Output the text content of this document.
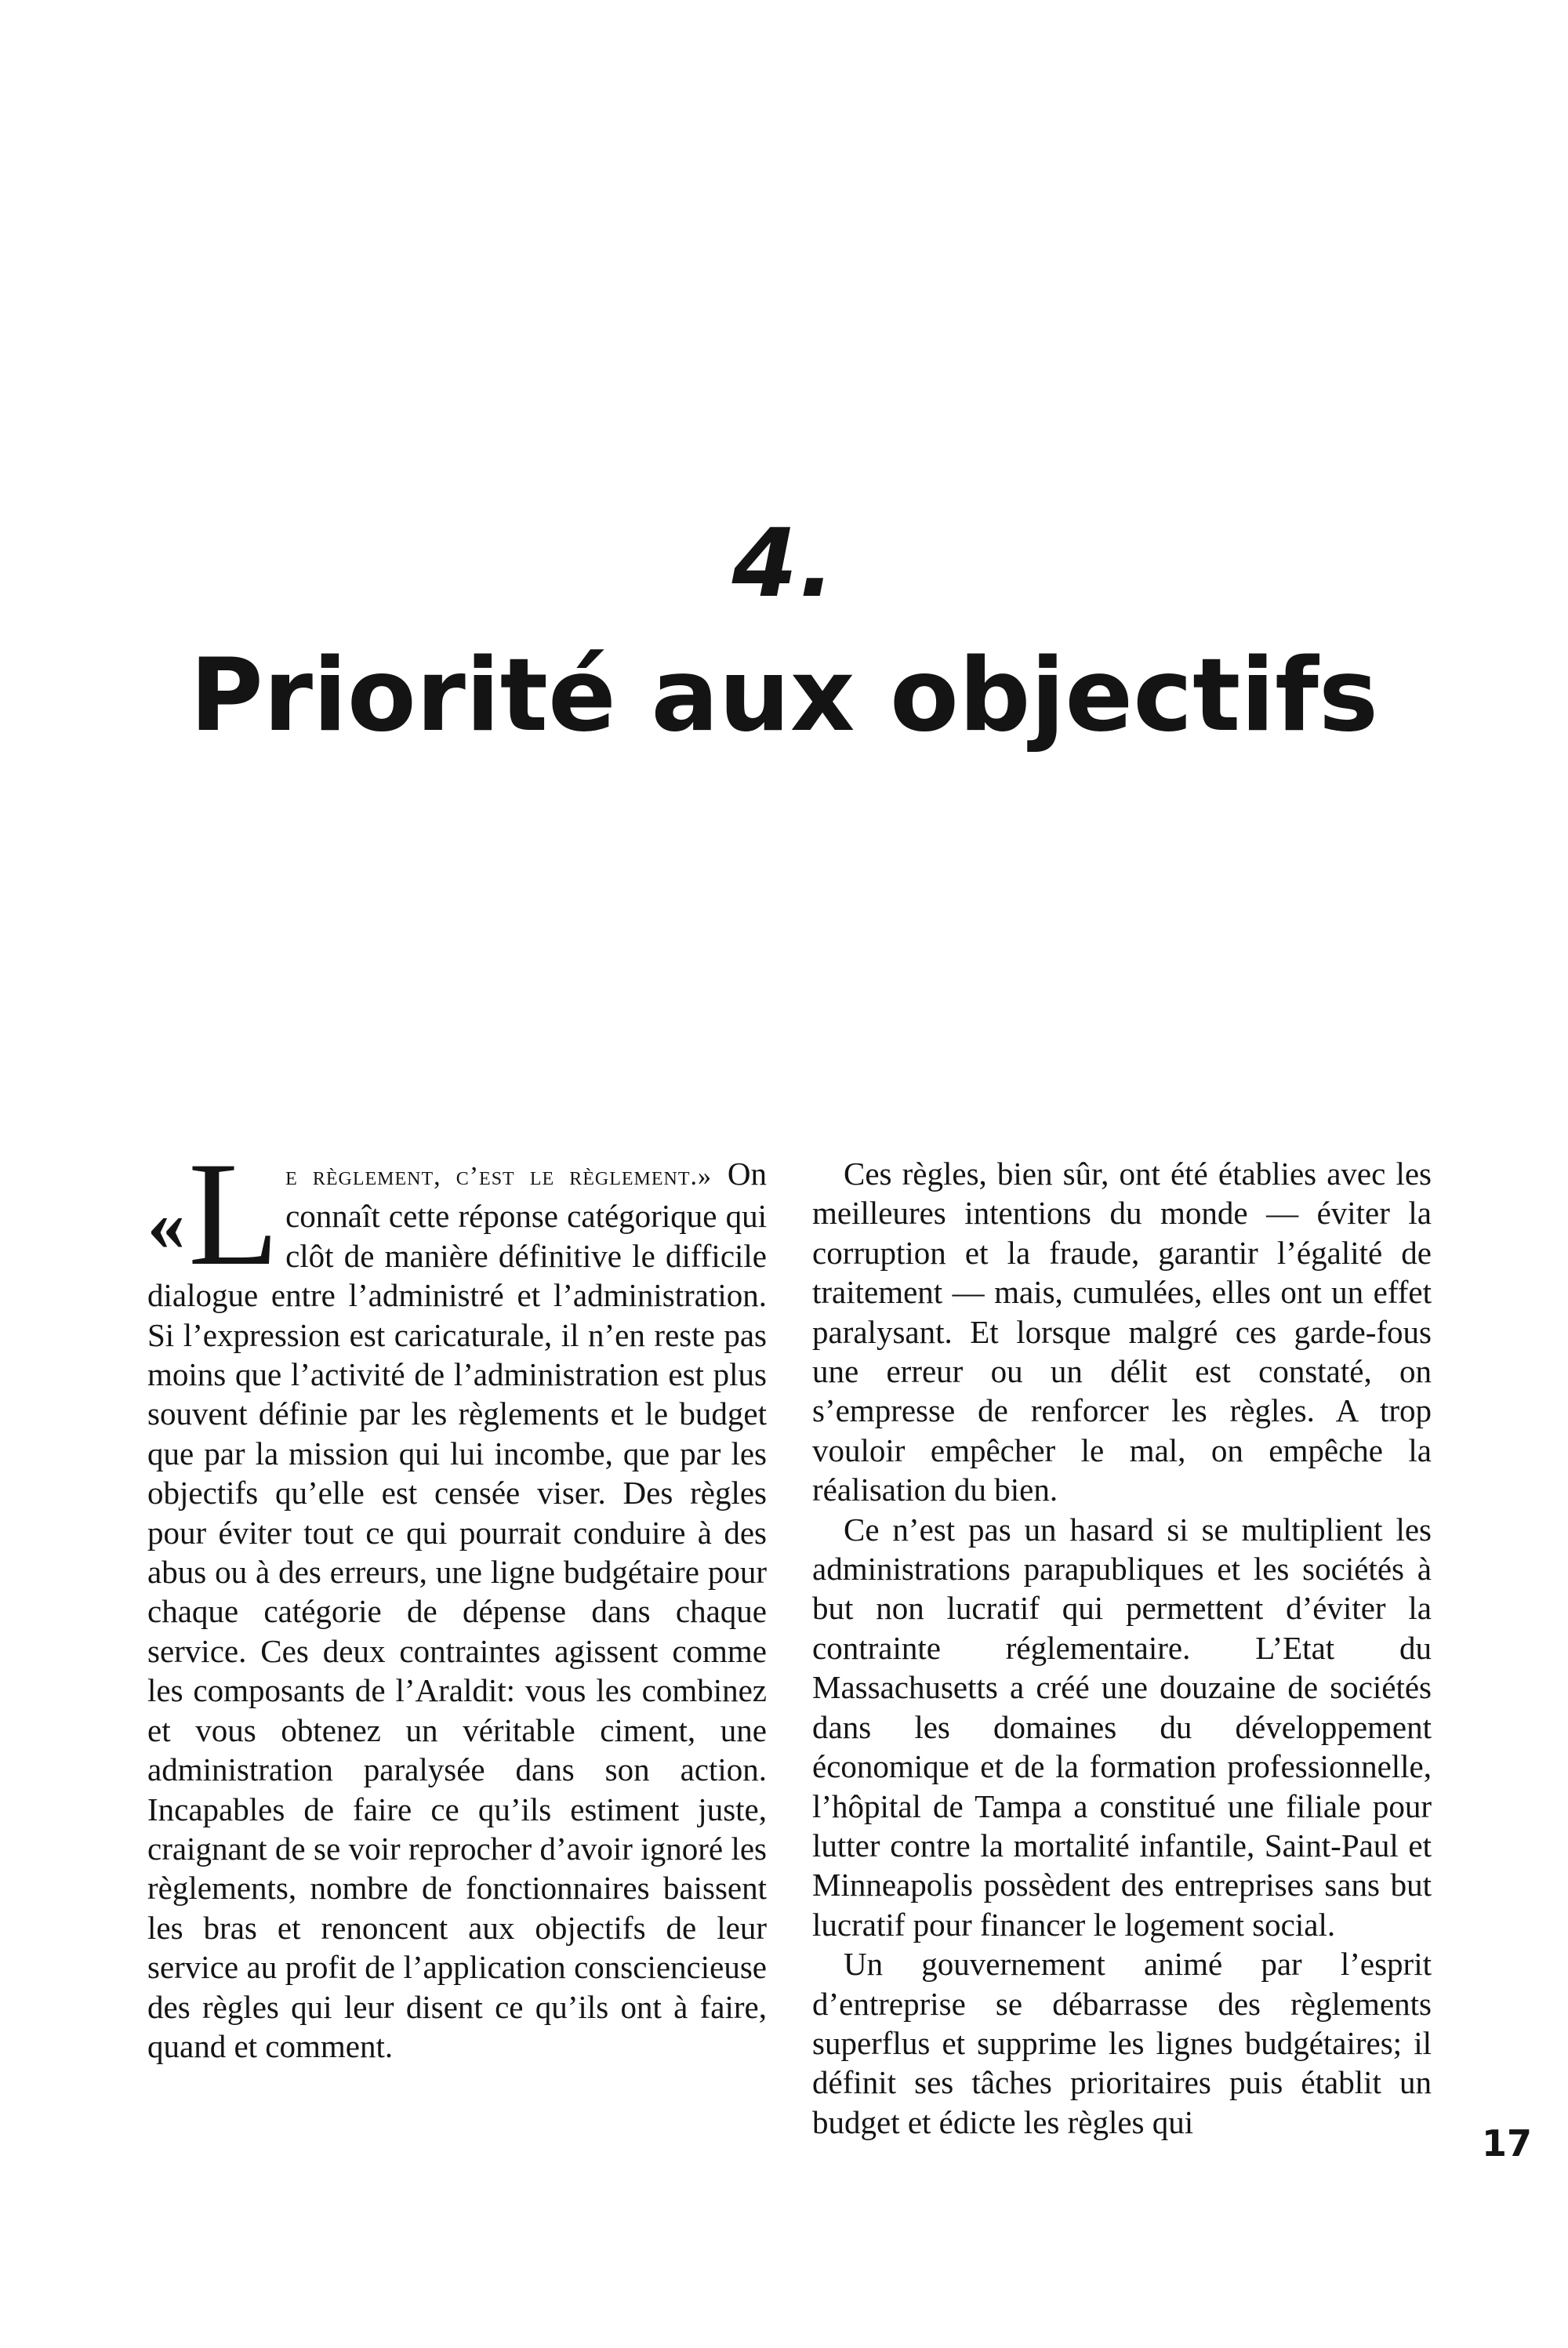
4.
Priorité aux objectifs

« L e règlement, c’est le règlement.» On connaît cette réponse catégorique qui clôt de manière définitive le difficile dialogue entre l’administré et l’administration. Si l’expression est caricaturale, il n’en reste pas moins que l’activité de l’administration est plus souvent définie par les règlements et le budget que par la mission qui lui incombe, que par les objectifs qu’elle est censée viser. Des règles pour éviter tout ce qui pourrait conduire à des abus ou à des erreurs, une ligne budgétaire pour chaque catégorie de dépense dans chaque service. Ces deux contraintes agissent comme les composants de l’Araldit: vous les combinez et vous obtenez un véritable ciment, une administration paralysée dans son action. Incapables de faire ce qu’ils estiment juste, craignant de se voir reprocher d’avoir ignoré les règlements, nombre de fonctionnaires baissent les bras et renoncent aux objectifs de leur service au profit de l’application consciencieuse des règles qui leur disent ce qu’ils ont à faire, quand et comment.

Ces règles, bien sûr, ont été établies avec les meilleures intentions du monde — éviter la corruption et la fraude, garantir l’égalité de traitement — mais, cumulées, elles ont un effet paralysant. Et lorsque malgré ces garde-fous une erreur ou un délit est constaté, on s’empresse de renforcer les règles. A trop vouloir empêcher le mal, on empêche la réalisation du bien.

Ce n’est pas un hasard si se multiplient les administrations parapubliques et les sociétés à but non lucratif qui permettent d’éviter la contrainte réglementaire. L’Etat du Massachusetts a créé une douzaine de sociétés dans les domaines du développement économique et de la formation professionnelle, l’hôpital de Tampa a constitué une filiale pour lutter contre la mortalité infantile, Saint-Paul et Minneapolis possèdent des entreprises sans but lucratif pour financer le logement social.

Un gouvernement animé par l’esprit d’entreprise se débarrasse des règlements superflus et supprime les lignes budgétaires; il définit ses tâches prioritaires puis établit un budget et édicte les règles qui

17
